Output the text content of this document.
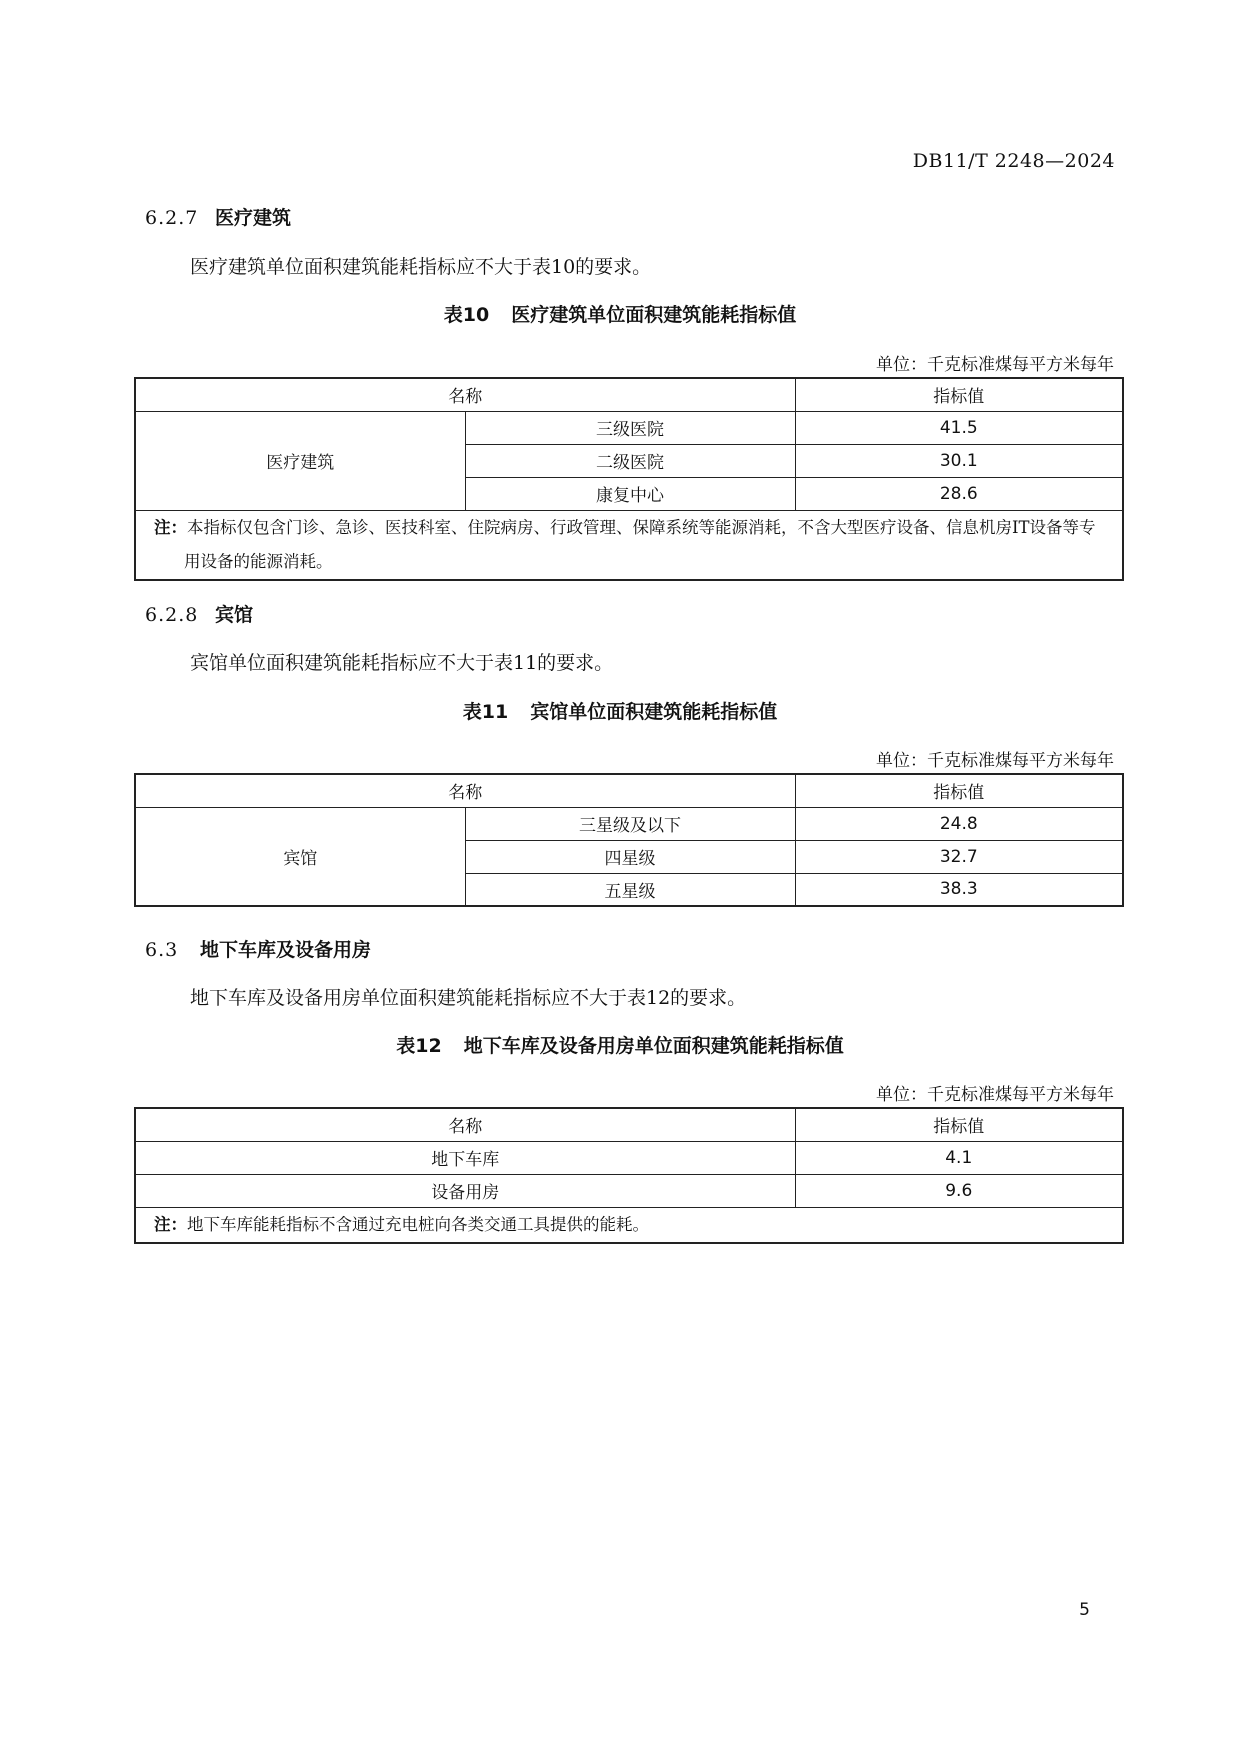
DB11/T 2248—2024
6.2.7 医疗建筑
医疗建筑单位面积建筑能耗指标应不大于表10的要求。
表10 医疗建筑单位面积建筑能耗指标值
单位：千克标准煤每平方米每年
名称		指标值
医疗建筑	三级医院	41.5
	二级医院	30.1
	康复中心	28.6
注：本指标仅包含门诊、急诊、医技科室、住院病房、行政管理、保障系统等能源消耗，不含大型医疗设备、信息机房IT设备等专用设备的能源消耗。		
6.2.8 宾馆
宾馆单位面积建筑能耗指标应不大于表11的要求。
表11 宾馆单位面积建筑能耗指标值
单位：千克标准煤每平方米每年
名称		指标值
宾馆	三星级及以下	24.8
	四星级	32.7
	五星级	38.3
6.3 地下车库及设备用房
地下车库及设备用房单位面积建筑能耗指标应不大于表12的要求。
表12 地下车库及设备用房单位面积建筑能耗指标值
单位：千克标准煤每平方米每年
名称	指标值
地下车库	4.1
设备用房	9.6
注：地下车库能耗指标不含通过充电桩向各类交通工具提供的能耗。	
5
